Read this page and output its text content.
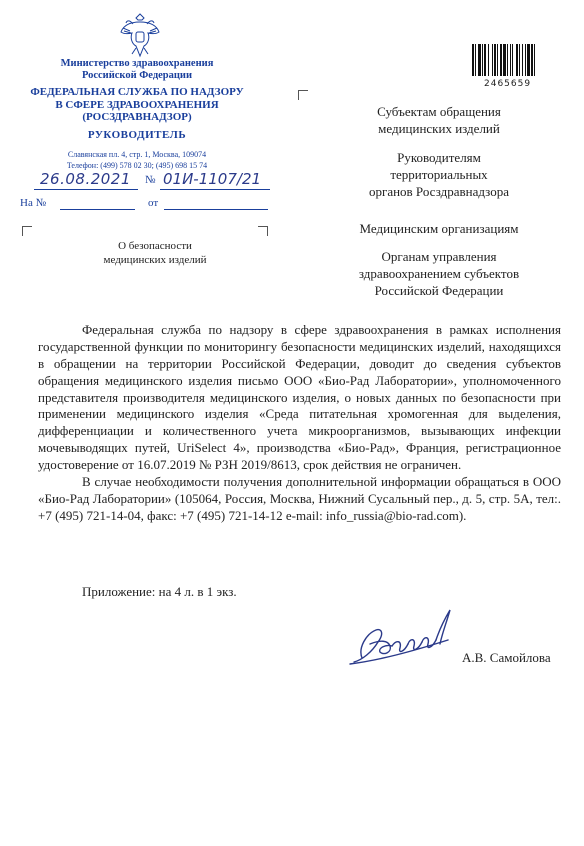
Министерство здравоохранения
Российской Федерации
ФЕДЕРАЛЬНАЯ СЛУЖБА ПО НАДЗОРУ
В СФЕРЕ ЗДРАВООХРАНЕНИЯ
(РОСЗДРАВНАДЗОР)
РУКОВОДИТЕЛЬ
Славянская пл. 4, стр. 1, Москва, 109074
Телефон: (499) 578 02 30; (495) 698 15 74
26.08.2021 № 01И-1107/21
На №	от
О безопасности
медицинских изделий
2465659
Субъектам обращения
медицинских изделий
Руководителям
территориальных
органов Росздравнадзора
Медицинским организациям
Органам управления
здравоохранением субъектов
Российской Федерации

Федеральная служба по надзору в сфере здравоохранения в рамках исполнения государственной функции по мониторингу безопасности медицинских изделий, находящихся в обращении на территории Российской Федерации, доводит до сведения субъектов обращения медицинского изделия письмо ООО «Био-Рад Лаборатории», уполномоченного представителя производителя медицинского изделия, о новых данных по безопасности при применении медицинского изделия «Среда питательная хромогенная для выделения, дифференциации и количественного учета микроорганизмов, вызывающих инфекции мочевыводящих путей, UriSelect 4», производства «Био-Рад», Франция, регистрационное удостоверение от 16.07.2019 № РЗН 2019/8613, срок действия не ограничен.

В случае необходимости получения дополнительной информации обращаться в ООО «Био-Рад Лаборатории» (105064, Россия, Москва, Нижний Сусальный пер., д. 5, стр. 5А, тел:. +7 (495) 721-14-04, факс: +7 (495) 721-14-12 e-mail: info_russia@bio-rad.com).

Приложение: на 4 л. в 1 экз.
А.В. Самойлова
